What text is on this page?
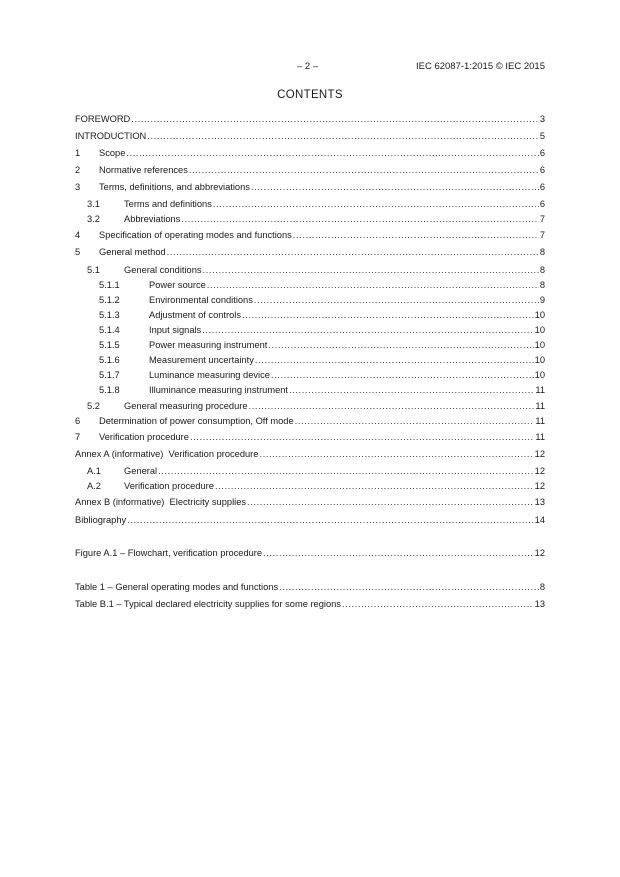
– 2 –	IEC 62087-1:2015 © IEC 2015
CONTENTS
FOREWORD .....	3
INTRODUCTION .....	5
1	Scope .....	6
2	Normative references .....	6
3	Terms, definitions, and abbreviations .....	6
3.1	Terms and definitions .....	6
3.2	Abbreviations .....	7
4	Specification of operating modes and functions .....	7
5	General method .....	8
5.1	General conditions .....	8
5.1.1	Power source .....	8
5.1.2	Environmental conditions .....	9
5.1.3	Adjustment of controls .....	10
5.1.4	Input signals .....	10
5.1.5	Power measuring instrument .....	10
5.1.6	Measurement uncertainty .....	10
5.1.7	Luminance measuring device .....	10
5.1.8	Illuminance measuring instrument .....	11
5.2	General measuring procedure .....	11
6	Determination of power consumption, Off mode .....	11
7	Verification procedure .....	11
Annex A (informative)  Verification procedure .....	12
A.1	General .....	12
A.2	Verification procedure .....	12
Annex B (informative)  Electricity supplies .....	13
Bibliography .....	14
Figure A.1 – Flowchart, verification procedure .....	12
Table 1 – General operating modes and functions .....	8
Table B.1 – Typical declared electricity supplies for some regions .....	13
